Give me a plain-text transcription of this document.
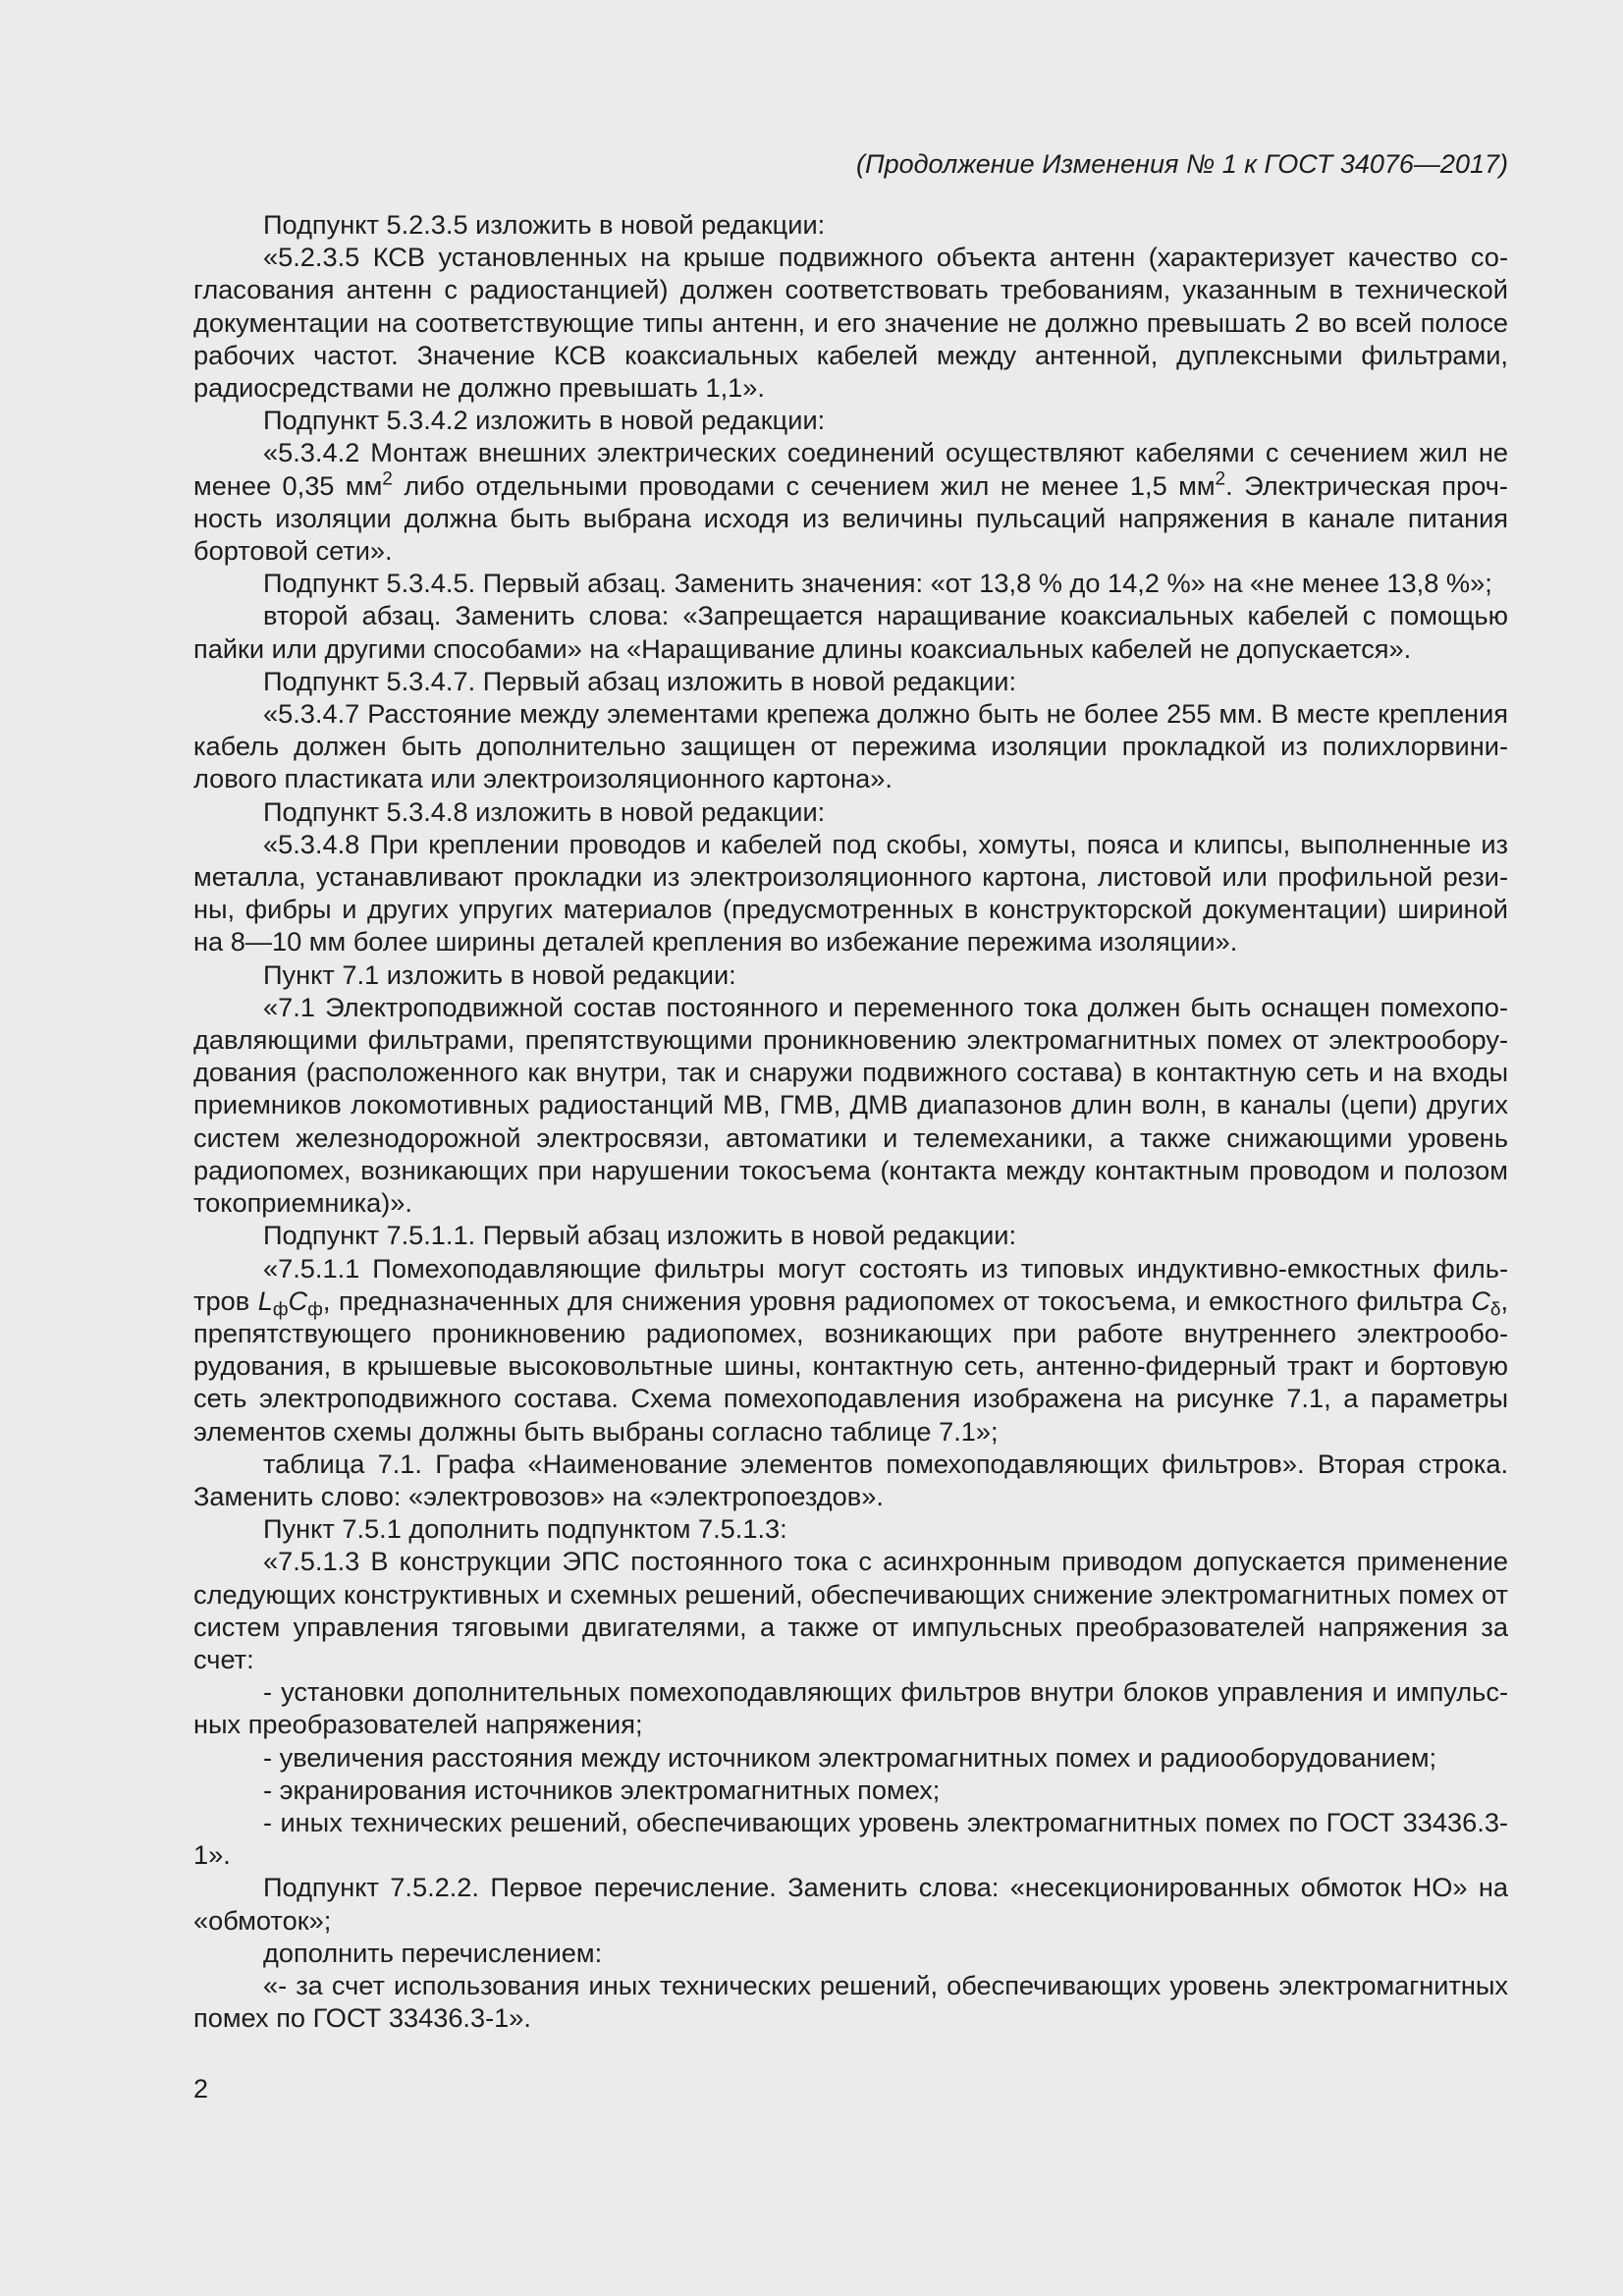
(Продолжение Изменения № 1 к ГОСТ 34076—2017)

Подпункт 5.2.3.5 изложить в новой редакции:

«5.2.3.5 КСВ установленных на крыше подвижного объекта антенн (характеризует качество согласования антенн с радиостанцией) должен соответствовать требованиям, указанным в технической документации на соответствующие типы антенн, и его значение не должно превышать 2 во всей полосе рабочих частот. Значение КСВ коаксиальных кабелей между антенной, дуплексными фильтрами, радиосредствами не должно превышать 1,1».

Подпункт 5.3.4.2 изложить в новой редакции:

«5.3.4.2 Монтаж внешних электрических соединений осуществляют кабелями с сечением жил не менее 0,35 $мм^2$ либо отдельными проводами с сечением жил не менее 1,5 $мм^2$. Электрическая прочность изоляции должна быть выбрана исходя из величины пульсаций напряжения в канале питания бортовой сети».

Подпункт 5.3.4.5. Первый абзац. Заменить значения: «от 13,8 % до 14,2 %» на «не менее 13,8 %»;

второй абзац. Заменить слова: «Запрещается наращивание коаксиальных кабелей с помощью пайки или другими способами» на «Наращивание длины коаксиальных кабелей не допускается».

Подпункт 5.3.4.7. Первый абзац изложить в новой редакции:

«5.3.4.7 Расстояние между элементами крепежа должно быть не более 255 мм. В месте крепления кабель должен быть дополнительно защищен от пережима изоляции прокладкой из полихлорвинилового пластиката или электроизоляционного картона».

Подпункт 5.3.4.8 изложить в новой редакции:

«5.3.4.8 При креплении проводов и кабелей под скобы, хомуты, пояса и клипсы, выполненные из металла, устанавливают прокладки из электроизоляционного картона, листовой или профильной резины, фибры и других упругих материалов (предусмотренных в конструкторской документации) шириной на 8—10 мм более ширины деталей крепления во избежание пережима изоляции».

Пункт 7.1 изложить в новой редакции:

«7.1 Электроподвижной состав постоянного и переменного тока должен быть оснащен помехоподавляющими фильтрами, препятствующими проникновению электромагнитных помех от электрооборудования (расположенного как внутри, так и снаружи подвижного состава) в контактную сеть и на входы приемников локомотивных радиостанций МВ, ГМВ, ДМВ диапазонов длин волн, в каналы (цепи) других систем железнодорожной электросвязи, автоматики и телемеханики, а также снижающими уровень радиопомех, возникающих при нарушении токосъема (контакта между контактным проводом и полозом токоприемника)».

Подпункт 7.5.1.1. Первый абзац изложить в новой редакции:

«7.5.1.1 Помехоподавляющие фильтры могут состоять из типовых индуктивно-емкостных фильтров $L_фC_ф$, предназначенных для снижения уровня радиопомех от токосъема, и емкостного фильтра $C_\delta$, препятствующего проникновению радиопомех, возникающих при работе внутреннего электрооборудования, в крышевые высоковольтные шины, контактную сеть, антенно-фидерный тракт и бортовую сеть электроподвижного состава. Схема помехоподавления изображена на рисунке 7.1, а параметры элементов схемы должны быть выбраны согласно таблице 7.1»;

таблица 7.1. Графа «Наименование элементов помехоподавляющих фильтров». Вторая строка. Заменить слово: «электровозов» на «электропоездов».

Пункт 7.5.1 дополнить подпунктом 7.5.1.3:

«7.5.1.3 В конструкции ЭПС постоянного тока с асинхронным приводом допускается применение следующих конструктивных и схемных решений, обеспечивающих снижение электромагнитных помех от систем управления тяговыми двигателями, а также от импульсных преобразователей напряжения за счет:

- установки дополнительных помехоподавляющих фильтров внутри блоков управления и импульсных преобразователей напряжения;

- увеличения расстояния между источником электромагнитных помех и радиооборудованием;

- экранирования источников электромагнитных помех;

- иных технических решений, обеспечивающих уровень электромагнитных помех по ГОСТ 33436.3-1».

Подпункт 7.5.2.2. Первое перечисление. Заменить слова: «несекционированных обмоток НО» на «обмоток»;

дополнить перечислением:

«- за счет использования иных технических решений, обеспечивающих уровень электромагнитных помех по ГОСТ 33436.3-1».

2
